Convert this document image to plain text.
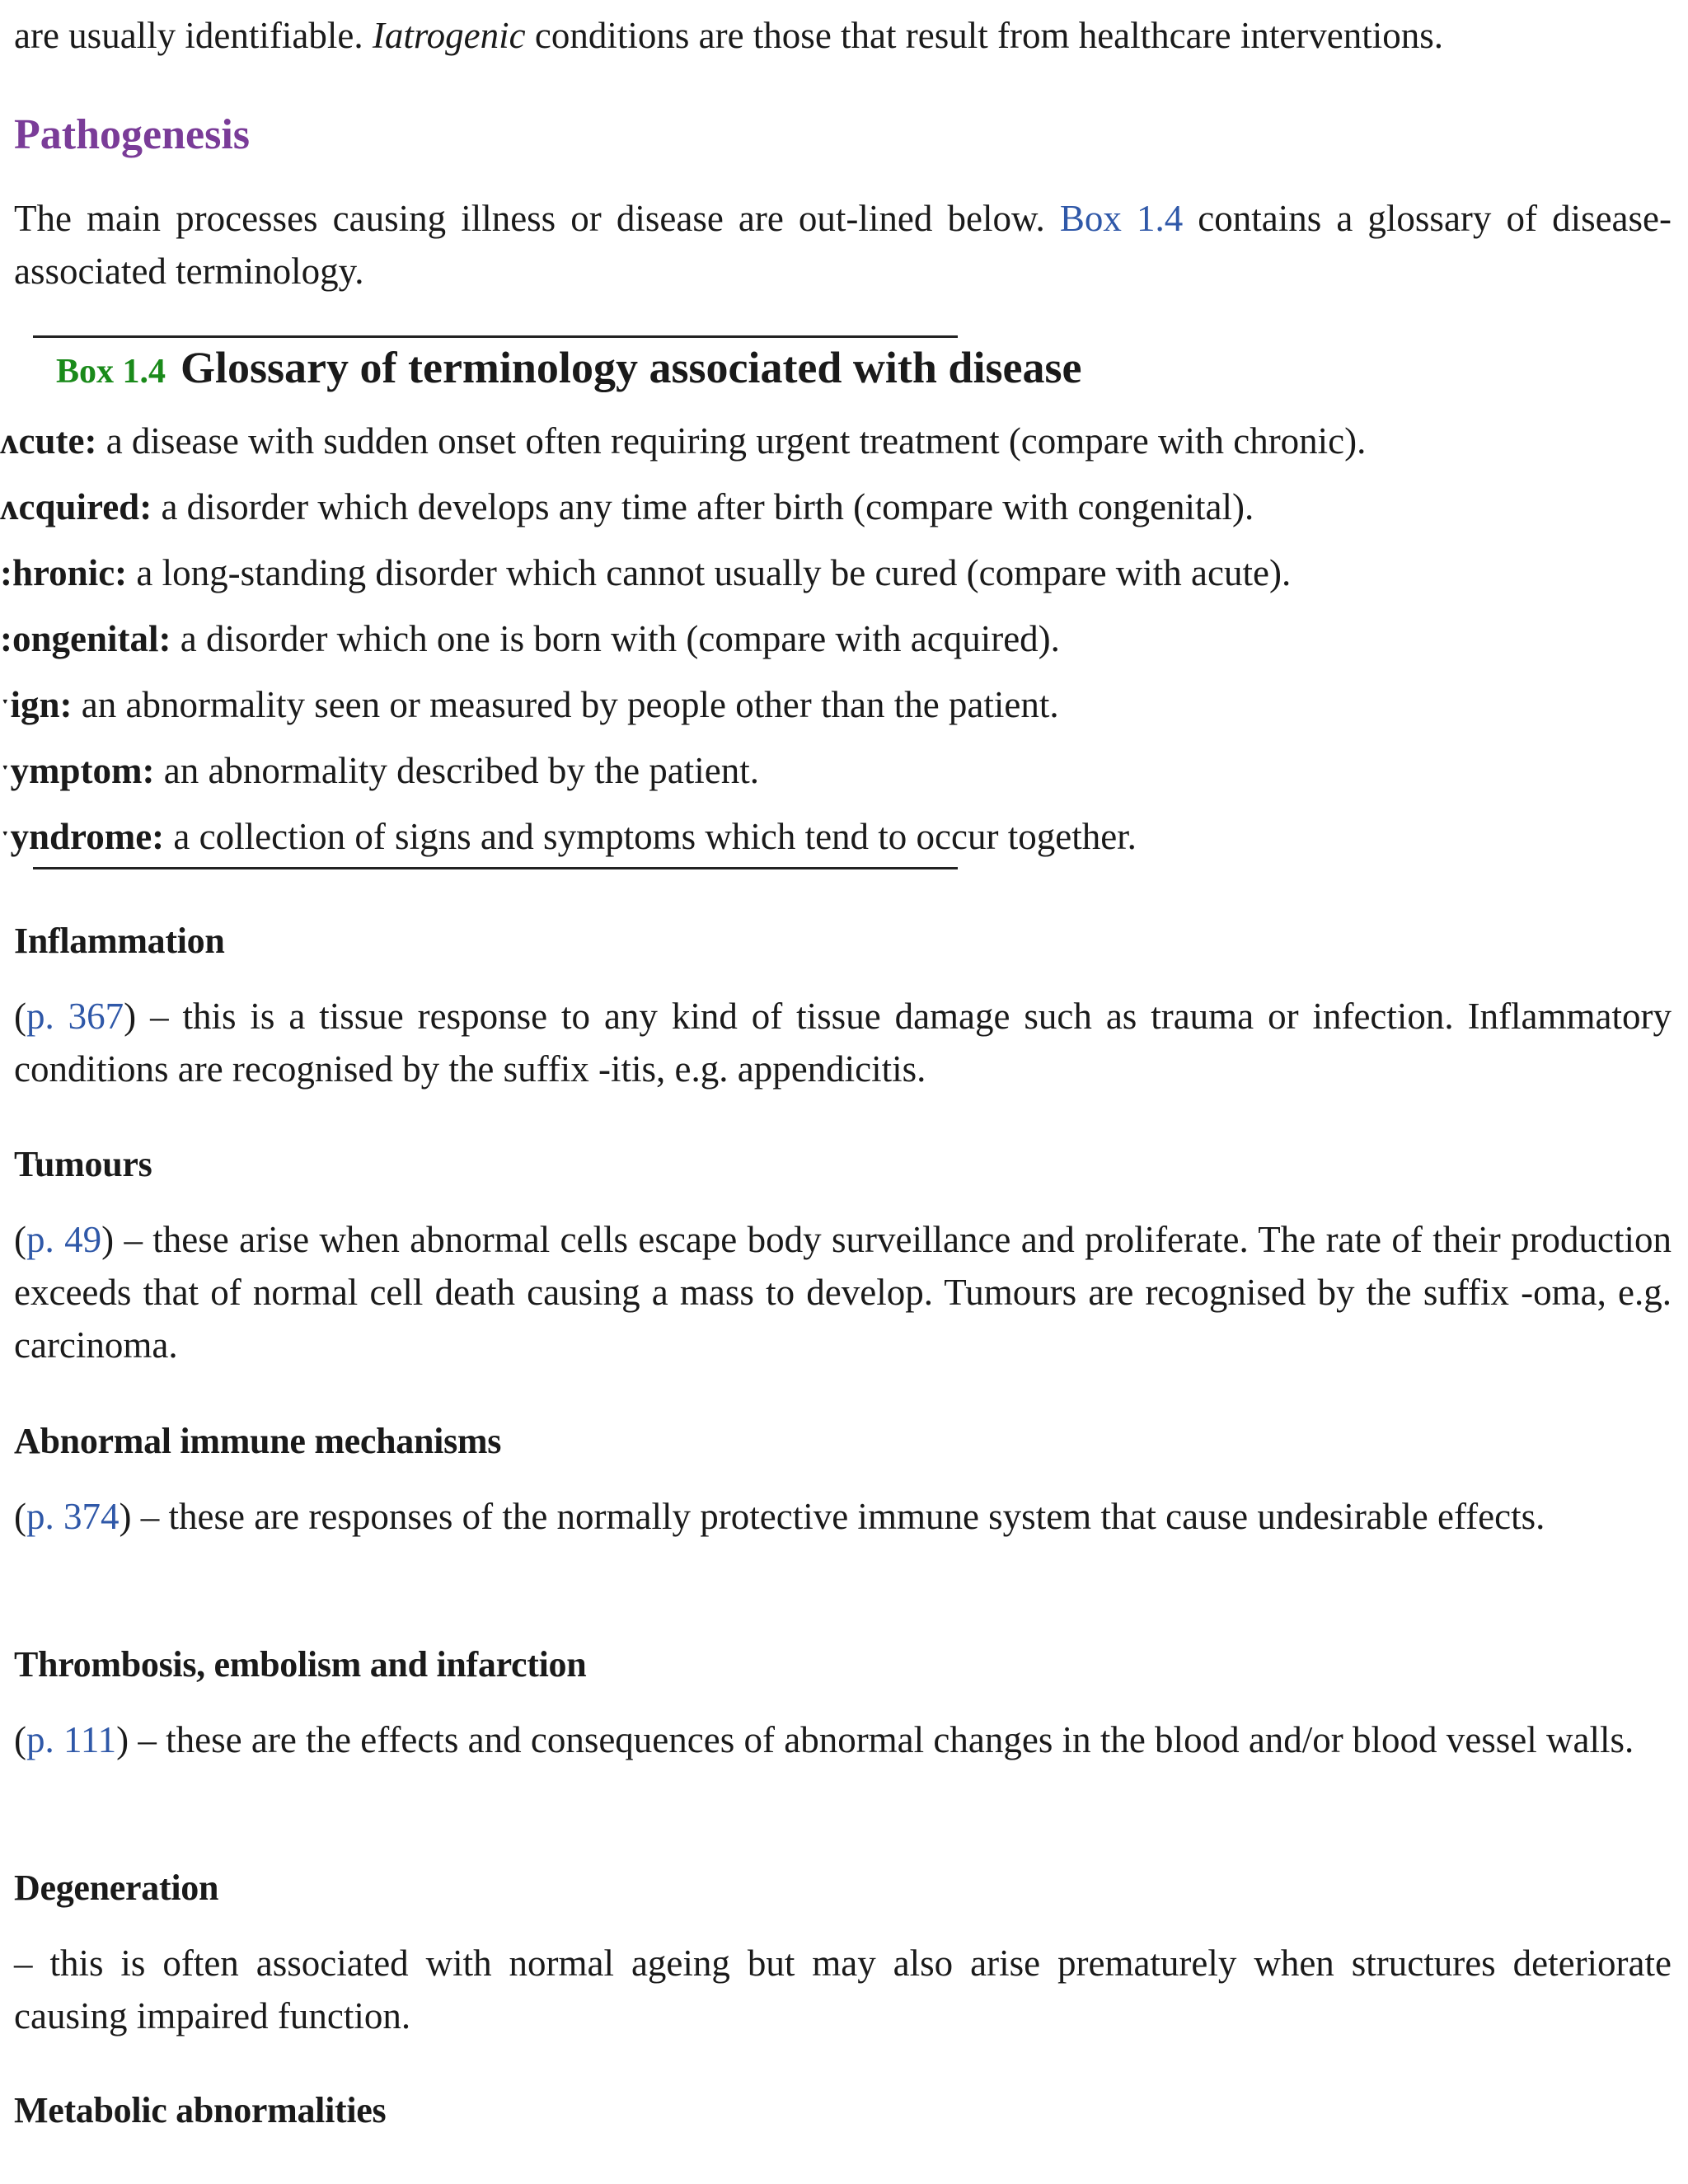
are usually identifiable. Iatrogenic conditions are those that result from healthcare interventions.

Pathogenesis

The main processes causing illness or disease are out-lined below. Box 1.4 contains a glossary of disease-associated terminology.

Box 1.4 Glossary of terminology associated with disease
ʌcute: a disease with sudden onset often requiring urgent treatment (compare with chronic).
ʌcquired: a disorder which develops any time after birth (compare with congenital).
:hronic: a long-standing disorder which cannot usually be cured (compare with acute).
:ongenital: a disorder which one is born with (compare with acquired).
ˑign: an abnormality seen or measured by people other than the patient.
ˑymptom: an abnormality described by the patient.
ˑyndrome: a collection of signs and symptoms which tend to occur together.
Inflammation

(p. 367) – this is a tissue response to any kind of tissue damage such as trauma or infection. Inflammatory conditions are recognised by the suffix -itis, e.g. appendicitis.

Tumours

(p. 49) – these arise when abnormal cells escape body surveillance and proliferate. The rate of their production exceeds that of normal cell death causing a mass to develop. Tumours are recognised by the suffix -oma, e.g. carcinoma.

Abnormal immune mechanisms

(p. 374) – these are responses of the normally protective immune system that cause undesirable effects.

Thrombosis, embolism and infarction

(p. 111) – these are the effects and consequences of abnormal changes in the blood and/or blood vessel walls.

Degeneration

– this is often associated with normal ageing but may also arise prematurely when structures deteriorate causing impaired function.

Metabolic abnormalities
